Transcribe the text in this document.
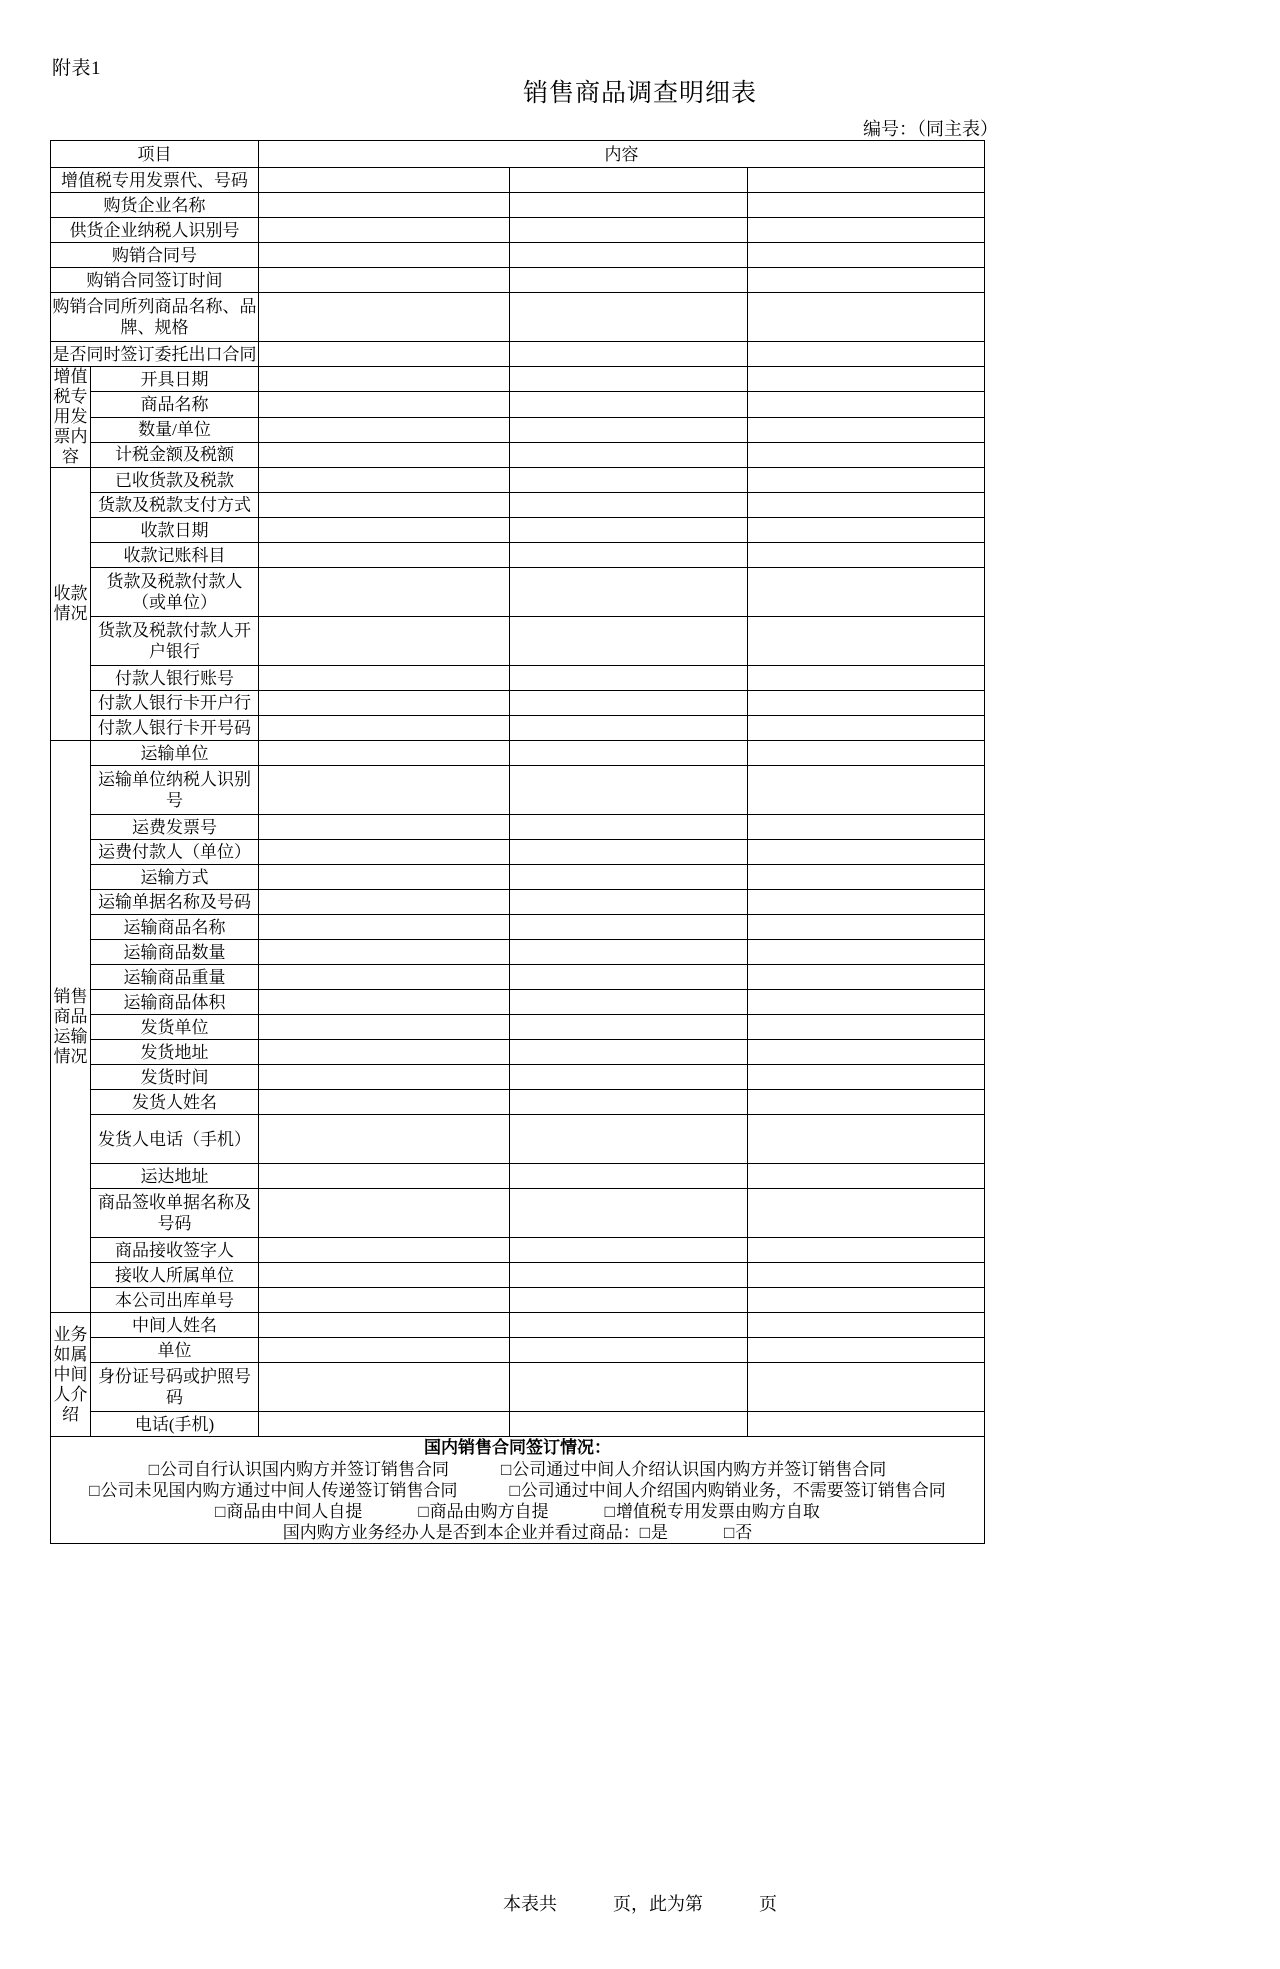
附表1
销售商品调查明细表
编号：（同主表）
项目		内容		
增值税专用发票代、号码				
购货企业名称				
供货企业纳税人识别号				
购销合同号				
购销合同签订时间				
购销合同所列商品名称、品牌、规格				
是否同时签订委托出口合同				

增值税专用发票内容	开具日期			
	商品名称			
	数量/单位			
	计税金额及税额			

收款情况	已收货款及税款			

	货款及税款支付方式			

	收款日期			
	收款记账科目			
	货款及税款付款人（或单位）			
	货款及税款付款人开户银行			
	付款人银行账号			

	付款人银行卡开户行			

	付款人银行卡开号码			

销售商品运输情况	运输单位			
	运输单位纳税人识别号			
	运费发票号			

	运费付款人（单位）			

	运输方式			

	运输单据名称及号码			

	运输商品名称			
	运输商品数量			
	运输商品重量			
	运输商品体积			
	发货单位			
	发货地址			
	发货时间			
	发货人姓名			
	发货人电话（手机）			
	运达地址			
	商品签收单据名称及号码			
	商品接收签字人			
	接收人所属单位			
	本公司出库单号			

业务如属中间人介绍	中间人姓名			
	单位			
	身份证号码或护照号码			
	电话(手机)			

国内销售合同签订情况：
□公司自行认识国内购方并签订销售合同 □公司通过中间人介绍认识国内购方并签订销售合同
□公司未见国内购方通过中间人传递签订销售合同 □公司通过中间人介绍国内购销业务，不需要签订销售合同
□商品由中间人自提 □商品由购方自提 □增值税专用发票由购方自取
国内购方业务经办人是否到本企业并看过商品：□是 □否				
本表共	页，此为第	页
